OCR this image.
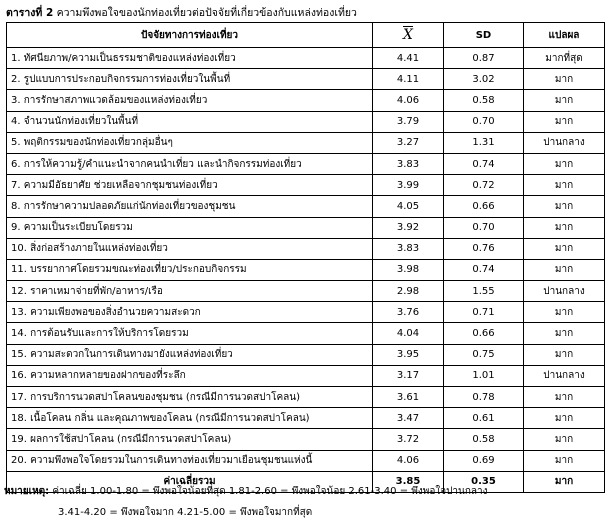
ตารางที่ 2 ความพึงพอใจของนักท่องเที่ยวต่อปัจจัยที่เกี่ยวข้องกับแหล่งท่องเที่ยว
ปัจจัยทางการท่องเที่ยว	$\overline{X}$	SD	แปลผล
1. ทัศนียภาพ/ความเป็นธรรมชาติของแหล่งท่องเที่ยว	4.41	0.87	มากที่สุด
2. รูปแบบการประกอบกิจกรรมการท่องเที่ยวในพื้นที่	4.11	3.02	มาก
3. การรักษาสภาพแวดล้อมของแหล่งท่องเที่ยว	4.06	0.58	มาก
4. จำนวนนักท่องเที่ยวในพื้นที่	3.79	0.70	มาก
5. พฤติกรรมของนักท่องเที่ยวกลุ่มอื่นๆ	3.27	1.31	ปานกลาง
6. การให้ความรู้/คำแนะนำจากคนนำเที่ยว และนำกิจกรรมท่องเที่ยว	3.83	0.74	มาก
7. ความมีอัธยาศัย ช่วยเหลือจากชุมชนท่องเที่ยว	3.99	0.72	มาก
8. การรักษาความปลอดภัยแก่นักท่องเที่ยวของชุมชน	4.05	0.66	มาก
9. ความเป็นระเบียบโดยรวม	3.92	0.70	มาก
10. สิ่งก่อสร้างภายในแหล่งท่องเที่ยว	3.83	0.76	มาก
11. บรรยากาศโดยรวมขณะท่องเที่ยว/ประกอบกิจกรรม	3.98	0.74	มาก
12. ราคาเหมาจ่ายที่พัก/อาหาร/เรือ	2.98	1.55	ปานกลาง
13. ความเพียงพอของสิ่งอำนวยความสะดวก	3.76	0.71	มาก
14. การต้อนรับและการให้บริการโดยรวม	4.04	0.66	มาก
15. ความสะดวกในการเดินทางมายังแหล่งท่องเที่ยว	3.95	0.75	มาก
16. ความหลากหลายของฝากของที่ระลึก	3.17	1.01	ปานกลาง
17. การบริการนวดสปาโคลนของชุมชน (กรณีมีการนวดสปาโคลน)	3.61	0.78	มาก
18. เนื้อโคลน กลิ่น และคุณภาพของโคลน (กรณีมีการนวดสปาโคลน)	3.47	0.61	มาก
19. ผลการใช้สปาโคลน (กรณีมีการนวดสปาโคลน)	3.72	0.58	มาก
20. ความพึงพอใจโดยรวมในการเดินทางท่องเที่ยวมาเยือนชุมชนแห่งนี้	4.06	0.69	มาก
ค่าเฉลี่ยรวม	3.85	0.35	มาก
หมายเหตุ: ค่าเฉลี่ย 1.00-1.80 = พึงพอใจน้อยที่สุด 1.81-2.60 = พึงพอใจน้อย 2.61-3.40 = พึงพอใจปานกลาง
3.41-4.20 = พึงพอใจมาก 4.21-5.00 = พึงพอใจมากที่สุด
